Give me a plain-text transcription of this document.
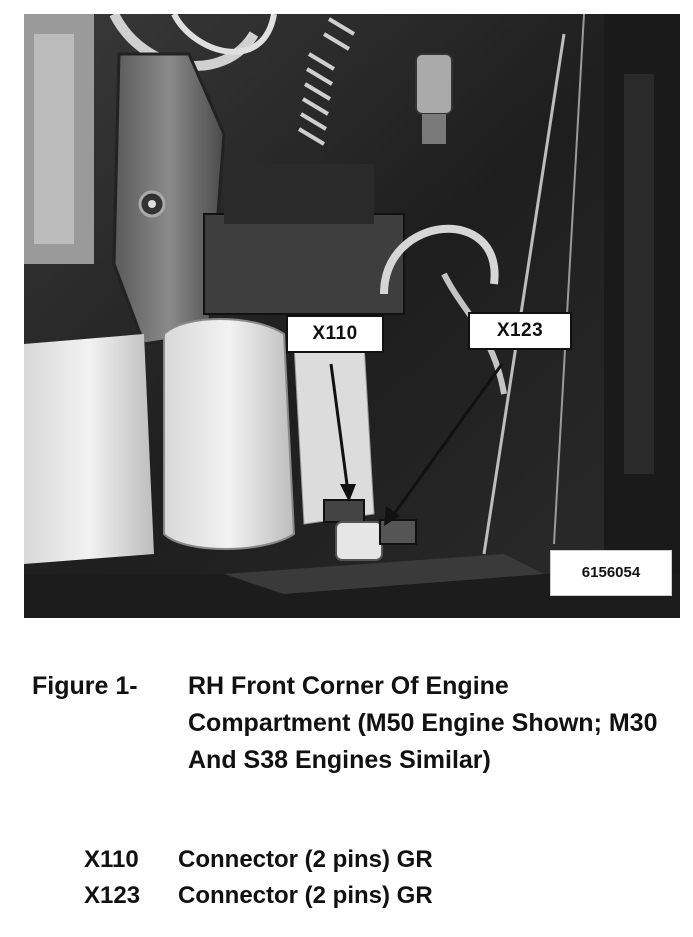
X110	X123
6156054
Figure 1-	RH Front Corner Of Engine Compartment (M50 Engine Shown; M30 And S38 Engines Similar)
X110	Connector (2 pins) GR
X123	Connector (2 pins) GR
